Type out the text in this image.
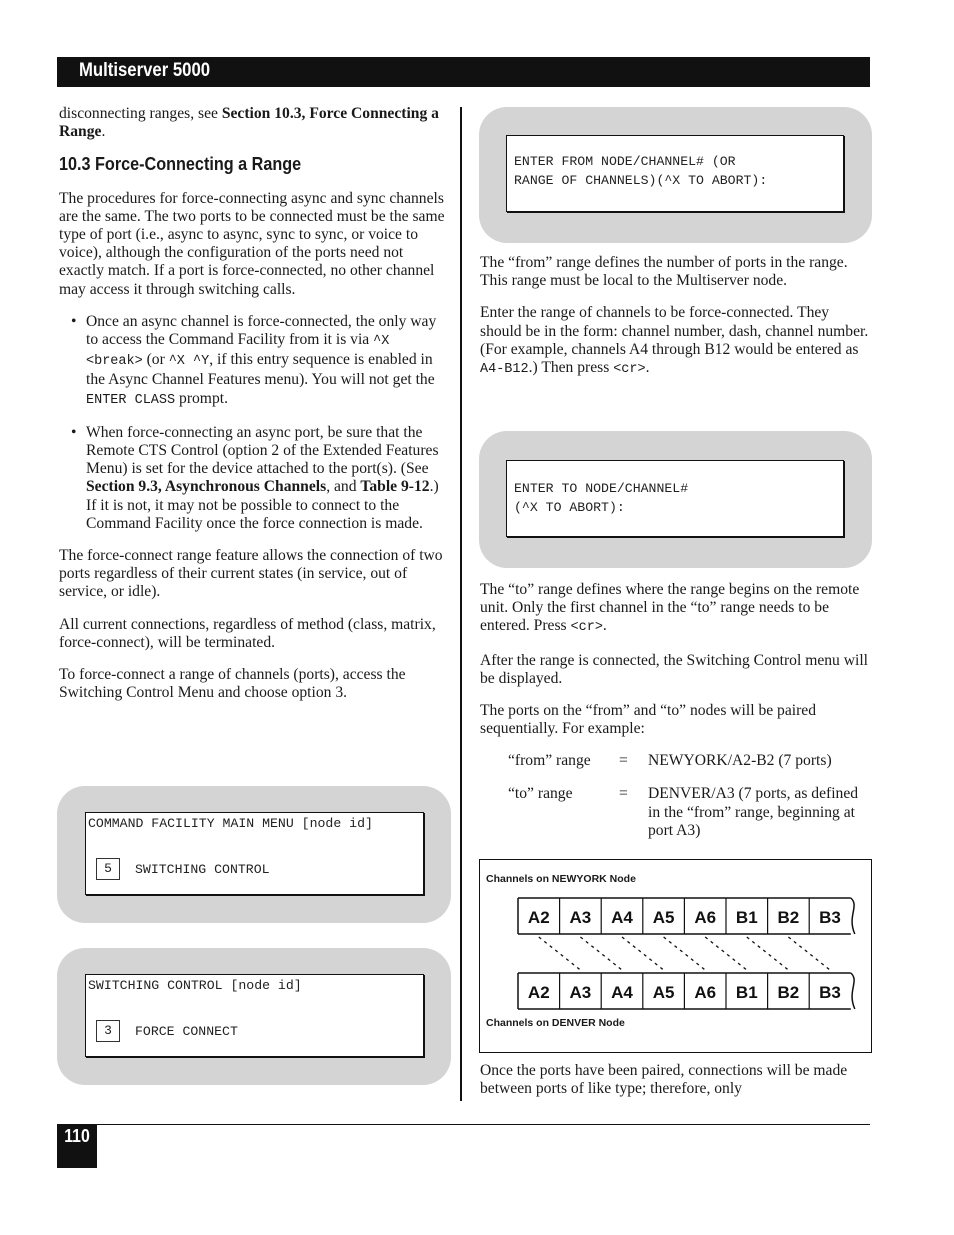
Multiserver 5000

disconnecting ranges, see Section 10.3, Force Connecting a Range.

10.3 Force-Connecting a Range

The procedures for force-connecting async and sync channels are the same. The two ports to be connected must be the same type of port (i.e., async to async, sync to sync, or voice to voice), although the configuration of the ports need not exactly match. If a port is force-connected, no other channel may access it through switching calls.

• Once an async channel is force-connected, the only way to access the Command Facility from it is via ^X <break> (or ^X ^Y, if this entry sequence is enabled in the Async Channel Features menu). You will not get the ENTER CLASS prompt.
• When force-connecting an async port, be sure that the Remote CTS Control (option 2 of the Extended Features Menu) is set for the device attached to the port(s). (See Section 9.3, Asynchronous Channels, and Table 9-12.) If it is not, it may not be possible to connect to the Command Facility once the force connection is made.

The force-connect range feature allows the connection of two ports regardless of their current states (in service, out of service, or idle).

All current connections, regardless of method (class, matrix, force-connect), will be terminated.

To force-connect a range of channels (ports), access the Switching Control Menu and choose option 3.

COMMAND FACILITY MAIN MENU [node id]
5	SWITCHING CONTROL
SWITCHING CONTROL [node id]
3	FORCE CONNECT
ENTER FROM NODE/CHANNEL# (OR
RANGE OF CHANNELS)(^X TO ABORT):
ENTER TO NODE/CHANNEL#
(^X TO ABORT):

The “from” range defines the number of ports in the range. This range must be local to the Multiserver node.

Enter the range of channels to be force-connected. They should be in the form: channel number, dash, channel number. (For example, channels A4 through B12 would be entered as A4-B12.) Then press <cr>.

The “to” range defines where the range begins on the remote unit. Only the first channel in the “to” range needs to be entered. Press <cr>.

After the range is connected, the Switching Control menu will be displayed.

The ports on the “from” and “to” nodes will be paired sequentially. For example:

“from” range = NEWYORK/A2-B2 (7 ports)
“to” range	= DENVER/A3 (7 ports, as defined in the “from” range, beginning at port A3)
Channels on NEWYORK Node
A2 A3 A4 A5 A6 B1 B2 B3
A2 A3 A4 A5 A6 B1 B2 B3
Channels on DENVER Node

Once the ports have been paired, connections will be made between ports of like type; therefore, only

110
